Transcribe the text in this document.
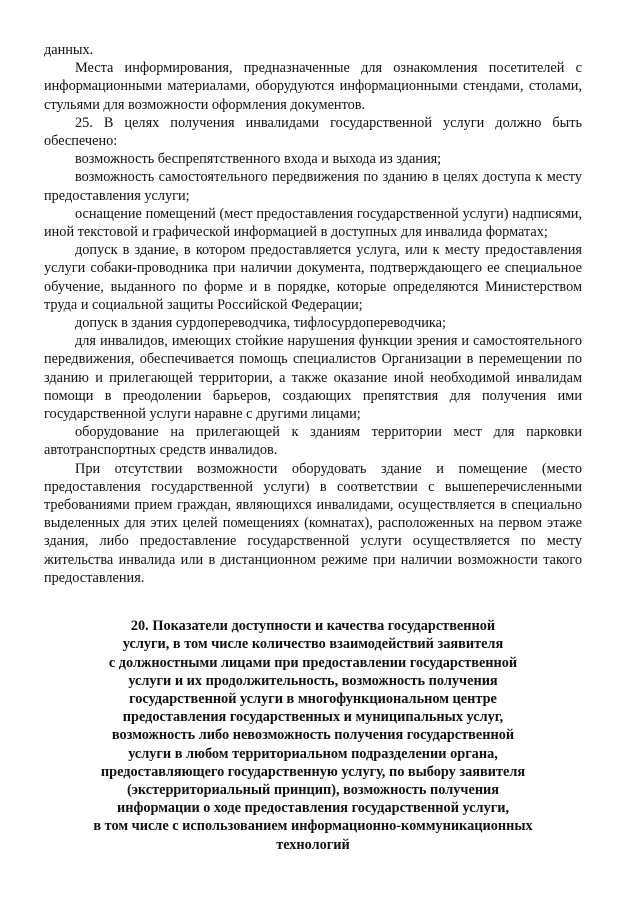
данных.

Места информирования, предназначенные для ознакомления посетителей с информационными материалами, оборудуются информационными стендами, столами, стульями для возможности оформления документов.

25. В целях получения инвалидами государственной услуги должно быть обеспечено:

возможность беспрепятственного входа и выхода из здания;

возможность самостоятельного передвижения по зданию в целях доступа к месту предоставления услуги;

оснащение помещений (мест предоставления государственной услуги) надписями, иной текстовой и графической информацией в доступных для инвалида форматах;

допуск в здание, в котором предоставляется услуга, или к месту предоставления услуги собаки-проводника при наличии документа, подтверждающего ее специальное обучение, выданного по форме и в порядке, которые определяются Министерством труда и социальной защиты Российской Федерации;

допуск в здания сурдопереводчика, тифлосурдопереводчика;

для инвалидов, имеющих стойкие нарушения функции зрения и самостоятельного передвижения, обеспечивается помощь специалистов Организации в перемещении по зданию и прилегающей территории, а также оказание иной необходимой инвалидам помощи в преодолении барьеров, создающих препятствия для получения ими государственной услуги наравне с другими лицами;

оборудование на прилегающей к зданиям территории мест для парковки автотранспортных средств инвалидов.

При отсутствии возможности оборудовать здание и помещение (место предоставления государственной услуги) в соответствии с вышеперечисленными требованиями прием граждан, являющихся инвалидами, осуществляется в специально выделенных для этих целей помещениях (комнатах), расположенных на первом этаже здания, либо предоставление государственной услуги осуществляется по месту жительства инвалида или в дистанционном режиме при наличии возможности такого предоставления.

20. Показатели доступности и качества государственной
услуги, в том числе количество взаимодействий заявителя
с должностными лицами при предоставлении государственной
услуги и их продолжительность, возможность получения
государственной услуги в многофункциональном центре
предоставления государственных и муниципальных услуг,
возможность либо невозможность получения государственной
услуги в любом территориальном подразделении органа,
предоставляющего государственную услугу, по выбору заявителя
(экстерриториальный принцип), возможность получения
информации о ходе предоставления государственной услуги,
в том числе с использованием информационно-коммуникационных
технологий
